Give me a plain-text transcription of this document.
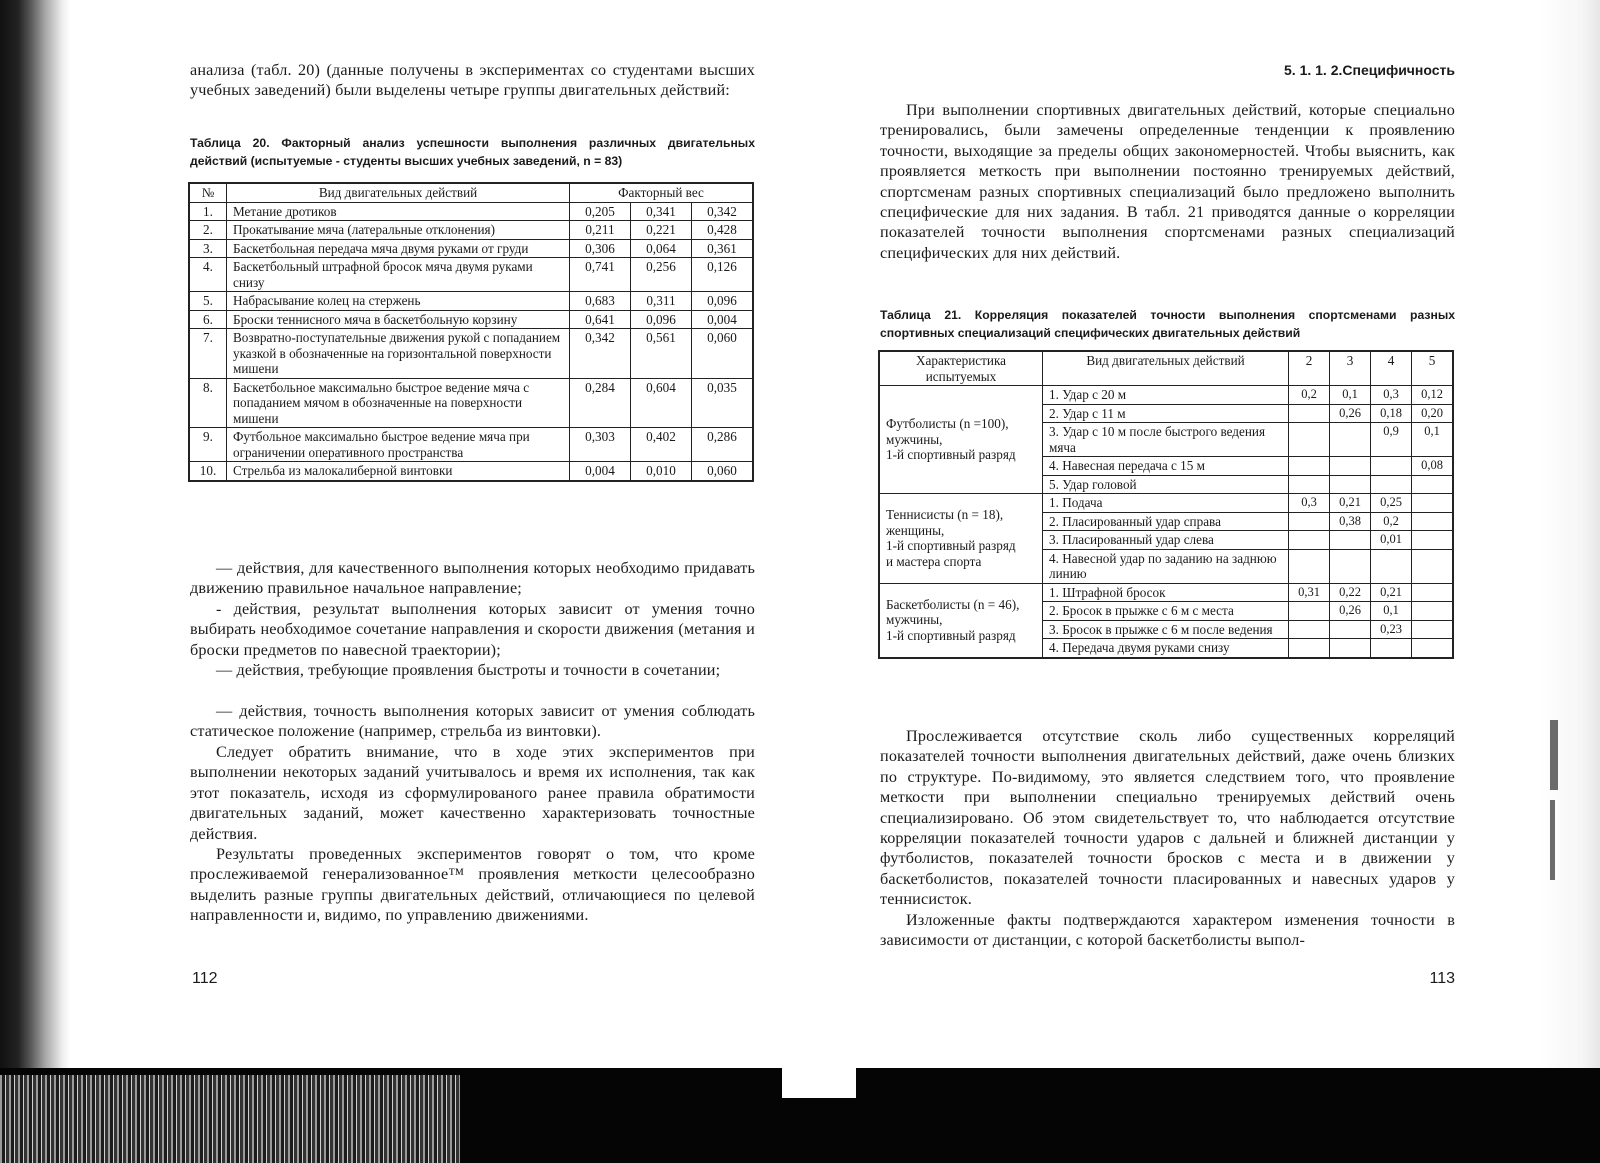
анализа (табл. 20) (данные получены в экспериментах со студентами высших учебных заведений) были выделены четыре группы двигательных действий:

Таблица 20. Факторный анализ успешности выполнения различных двигательных действий (испытуемые - студенты высших учебных заведений, n = 83)

№	Вид двигательных действий	Факторный вес		
1.	Метание дротиков	0,205	0,341	0,342
2.	Прокатывание мяча (латеральные отклонения)	0,211	0,221	0,428
3.	Баскетбольная передача мяча двумя руками от груди	0,306	0,064	0,361
4.	Баскетбольный штрафной бросок мяча двумя руками снизу	0,741	0,256	0,126
5.	Набрасывание колец на стержень	0,683	0,311	0,096
6.	Броски теннисного мяча в баскетбольную корзину	0,641	0,096	0,004
7.	Возвратно-поступательные движения рукой с попаданием указкой в обозначенные на горизонтальной поверхности мишени	0,342	0,561	0,060
8.	Баскетбольное максимально быстрое ведение мяча с попаданием мячом в обозначенные на поверхности мишени	0,284	0,604	0,035
9.	Футбольное максимально быстрое ведение мяча при ограничении оперативного пространства	0,303	0,402	0,286
10.	Стрельба из малокалиберной винтовки	0,004	0,010	0,060

— действия, для качественного выполнения которых необходимо придавать движению правильное начальное направление;

- действия, результат выполнения которых зависит от умения точно выбирать необходимое сочетание направления и скорости движения (метания и броски предметов по навесной траектории);

— действия, требующие проявления быстроты и точности в сочетании;

— действия, точность выполнения которых зависит от умения соблюдать статическое положение (например, стрельба из винтовки).

Следует обратить внимание, что в ходе этих экспериментов при выполнении некоторых заданий учитывалось и время их исполнения, так как этот показатель, исходя из сформулированого ранее правила обратимости двигательных заданий, может качественно характеризовать точностные действия.

Результаты проведенных экспериментов говорят о том, что кроме прослеживаемой генерализованное™ проявления меткости целесообразно выделить разные группы двигательных действий, отличающиеся по целевой направленности и, видимо, по управлению движениями.

112
5. 1. 1. 2.Специфичность

При выполнении спортивных двигательных действий, которые специально тренировались, были замечены определенные тенденции к проявлению точности, выходящие за пределы общих закономерностей. Чтобы выяснить, как проявляется меткость при выполнении постоянно тренируемых действий, спортсменам разных спортивных специализаций было предложено выполнить специфические для них задания. В табл. 21 приводятся данные о корреляции показателей точности выполнения спортсменами разных специализаций специфических для них действий.

Таблица 21. Корреляция показателей точности выполнения спортсменами разных спортивных специализаций специфических двигательных действий

Характеристика испытуемых	Вид двигательных действий	2	3	4	5
Футболисты (n =100),
мужчины,
1-й спортивный разряд	1. Удар с 20 м	0,2	0,1	0,3	0,12
	2. Удар с 11 м		0,26	0,18	0,20
	3. Удар с 10 м после быстрого ведения мяча			0,9	0,1
	4. Навесная передача с 15 м				0,08
	5. Удар головой				
Теннисисты (n = 18),
женщины,
1-й спортивный разряд
и мастера спорта	1. Подача	0,3	0,21	0,25	
	2. Пласированный удар справа		0,38	0,2	
	3. Пласированный удар слева			0,01	
	4. Навесной удар по заданию на заднюю линию				
Баскетболисты (n = 46),
мужчины,
1-й спортивный разряд	1. Штрафной бросок	0,31	0,22	0,21	
	2. Бросок в прыжке с 6 м с места		0,26	0,1	
	3. Бросок в прыжке с 6 м после ведения			0,23	
	4. Передача двумя руками снизу				

Прослеживается отсутствие сколь либо существенных корреляций показателей точности выполнения двигательных действий, даже очень близких по структуре. По-видимому, это является следствием того, что проявление меткости при выполнении специально тренируемых действий очень специализировано. Об этом свидетельствует то, что наблюдается отсутствие корреляции показателей точности ударов с дальней и ближней дистанции у футболистов, показателей точности бросков с места и в движении у баскетболистов, показателей точности пласированных и навесных ударов у теннисисток.

Изложенные факты подтверждаются характером изменения точности в зависимости от дистанции, с которой баскетболисты выпол-

113
